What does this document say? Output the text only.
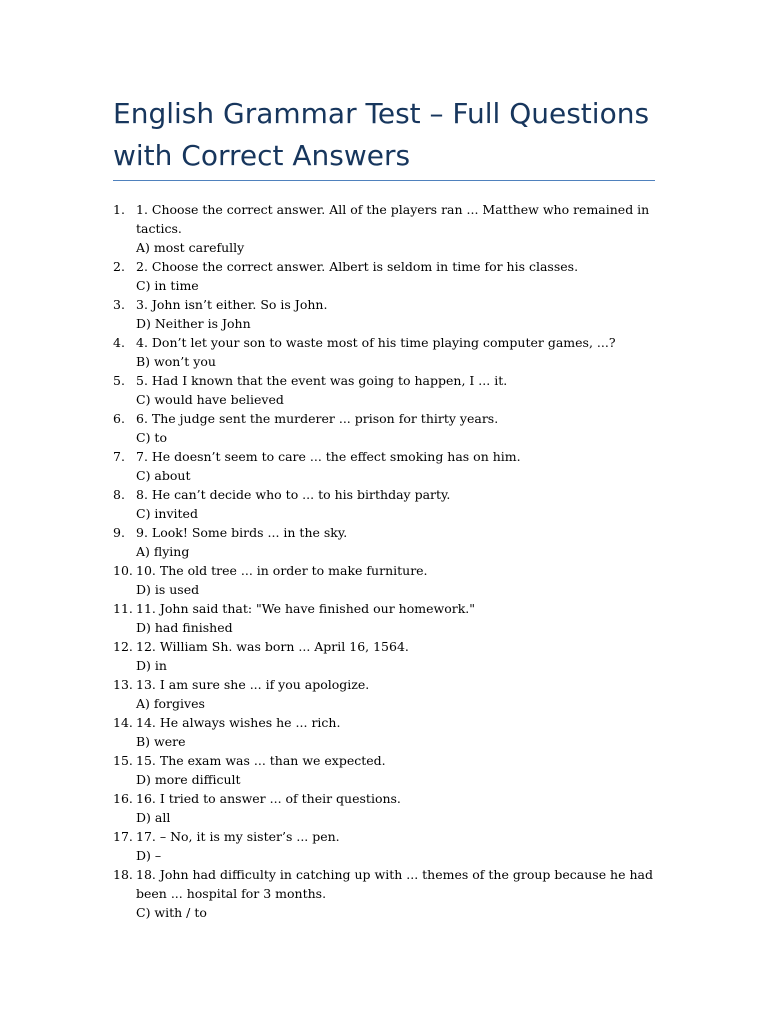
English Grammar Test – Full Questions with Correct Answers
1. 1. Choose the correct answer. All of the players ran ... Matthew who remained in tactics.
A) most carefully
2. 2. Choose the correct answer. Albert is seldom in time for his classes.
C) in time
3. 3. John isn’t either. So is John.
D) Neither is John
4. 4. Don’t let your son to waste most of his time playing computer games, ...?
B) won’t you
5. 5. Had I known that the event was going to happen, I ... it.
C) would have believed
6. 6. The judge sent the murderer ... prison for thirty years.
C) to
7. 7. He doesn’t seem to care ... the effect smoking has on him.
C) about
8. 8. He can’t decide who to ... to his birthday party.
C) invited
9. 9. Look! Some birds ... in the sky.
A) flying
10. 10. The old tree ... in order to make furniture.
D) is used
11. 11. John said that: "We have finished our homework."
D) had finished
12. 12. William Sh. was born ... April 16, 1564.
D) in
13. 13. I am sure she ... if you apologize.
A) forgives
14. 14. He always wishes he ... rich.
B) were
15. 15. The exam was ... than we expected.
D) more difficult
16. 16. I tried to answer ... of their questions.
D) all
17. 17. – No, it is my sister’s ... pen.
D) –
18. 18. John had difficulty in catching up with ... themes of the group because he had been ... hospital for 3 months.
C) with / to
